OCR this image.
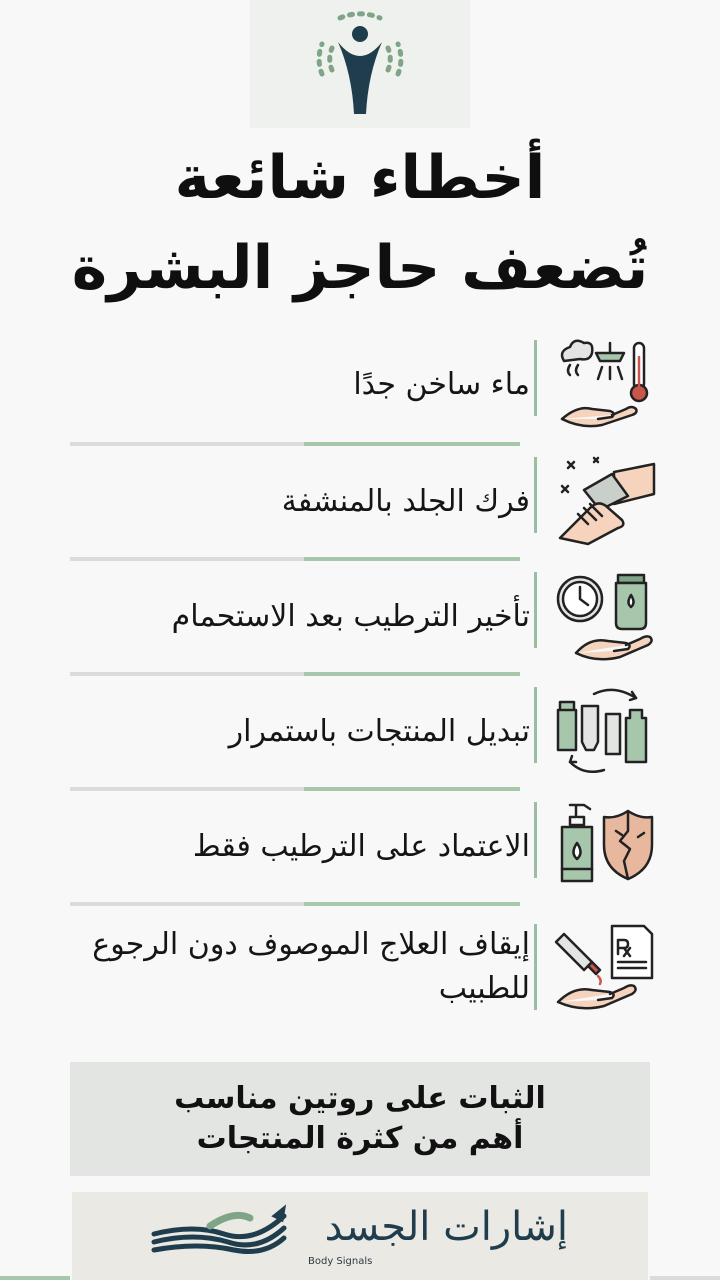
أخطاء شائعة
تُضعف حاجز البشرة
ماء ساخن جدًا
فرك الجلد بالمنشفة
تأخير الترطيب بعد الاستحمام
تبديل المنتجات باستمرار
الاعتماد على الترطيب فقط
إيقاف العلاج الموصوف دون الرجوع للطبيب
الثبات على روتين مناسب
أهم من كثرة المنتجات
إشارات الجسد
Body Signals
